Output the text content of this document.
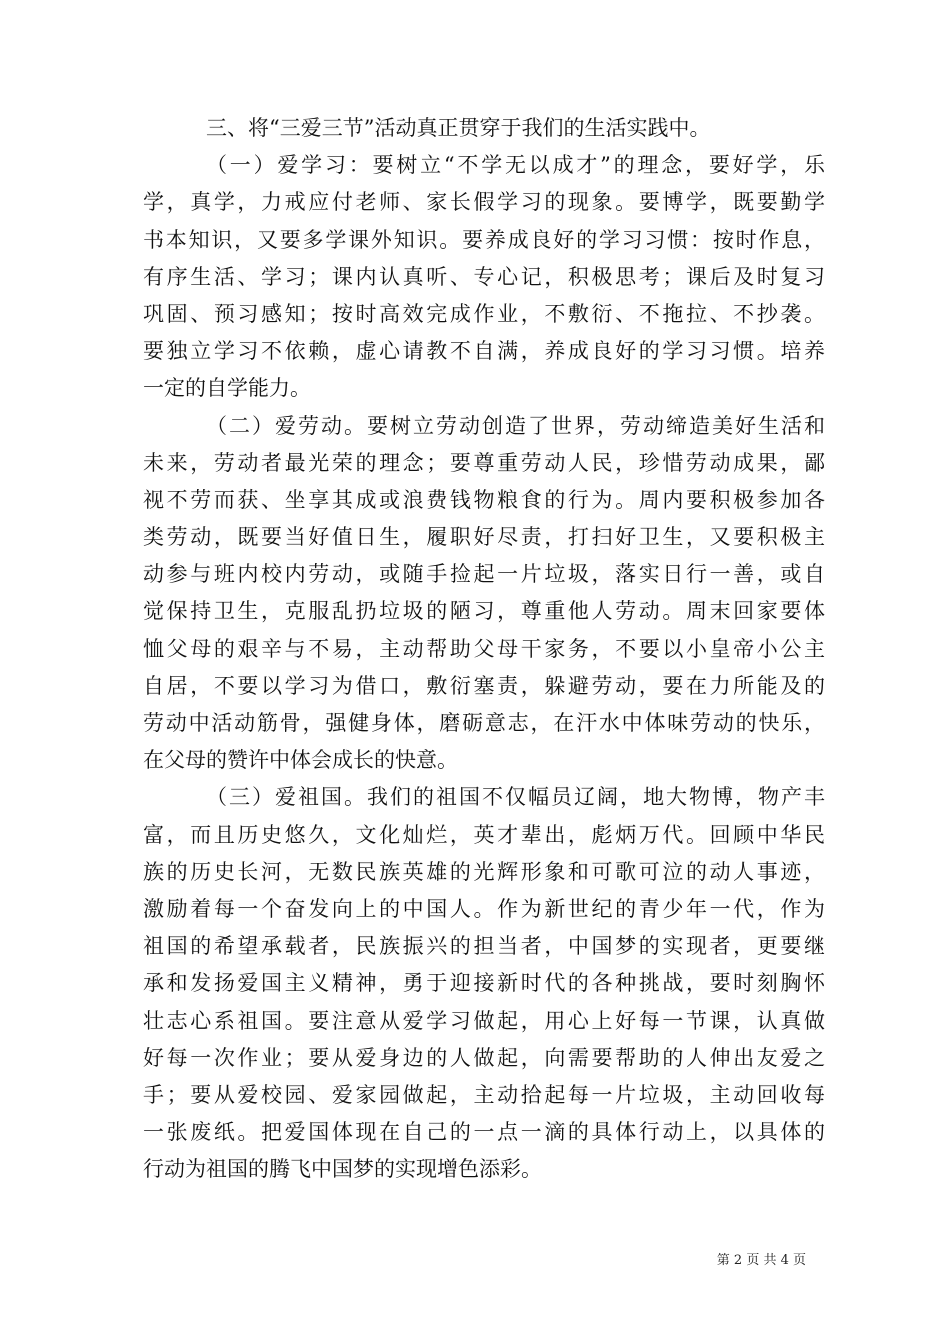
三、将“三爱三节”活动真正贯穿于我们的生活实践中。
（一）爱学习：要树立“不学无以成才”的理念，要好学，乐
学，真学，力戒应付老师、家长假学习的现象。要博学，既要勤学
书本知识，又要多学课外知识。要养成良好的学习习惯：按时作息，
有序生活、学习；课内认真听、专心记，积极思考；课后及时复习
巩固、预习感知；按时高效完成作业，不敷衍、不拖拉、不抄袭。
要独立学习不依赖，虚心请教不自满，养成良好的学习习惯。培养
一定的自学能力。
（二）爱劳动。要树立劳动创造了世界，劳动缔造美好生活和
未来，劳动者最光荣的理念；要尊重劳动人民，珍惜劳动成果，鄙
视不劳而获、坐享其成或浪费钱物粮食的行为。周内要积极参加各
类劳动，既要当好值日生，履职好尽责，打扫好卫生，又要积极主
动参与班内校内劳动，或随手捡起一片垃圾，落实日行一善，或自
觉保持卫生，克服乱扔垃圾的陋习，尊重他人劳动。周末回家要体
恤父母的艰辛与不易，主动帮助父母干家务，不要以小皇帝小公主
自居，不要以学习为借口，敷衍塞责，躲避劳动，要在力所能及的
劳动中活动筋骨，强健身体，磨砺意志，在汗水中体味劳动的快乐，
在父母的赞许中体会成长的快意。
（三）爱祖国。我们的祖国不仅幅员辽阔，地大物博，物产丰
富，而且历史悠久，文化灿烂，英才辈出，彪炳万代。回顾中华民
族的历史长河，无数民族英雄的光辉形象和可歌可泣的动人事迹，
激励着每一个奋发向上的中国人。作为新世纪的青少年一代，作为
祖国的希望承载者，民族振兴的担当者，中国梦的实现者，更要继
承和发扬爱国主义精神，勇于迎接新时代的各种挑战，要时刻胸怀
壮志心系祖国。要注意从爱学习做起，用心上好每一节课，认真做
好每一次作业；要从爱身边的人做起，向需要帮助的人伸出友爱之
手；要从爱校园、爱家园做起，主动拾起每一片垃圾，主动回收每
一张废纸。把爱国体现在自己的一点一滴的具体行动上，以具体的
行动为祖国的腾飞中国梦的实现增色添彩。
第 2 页 共 4 页
